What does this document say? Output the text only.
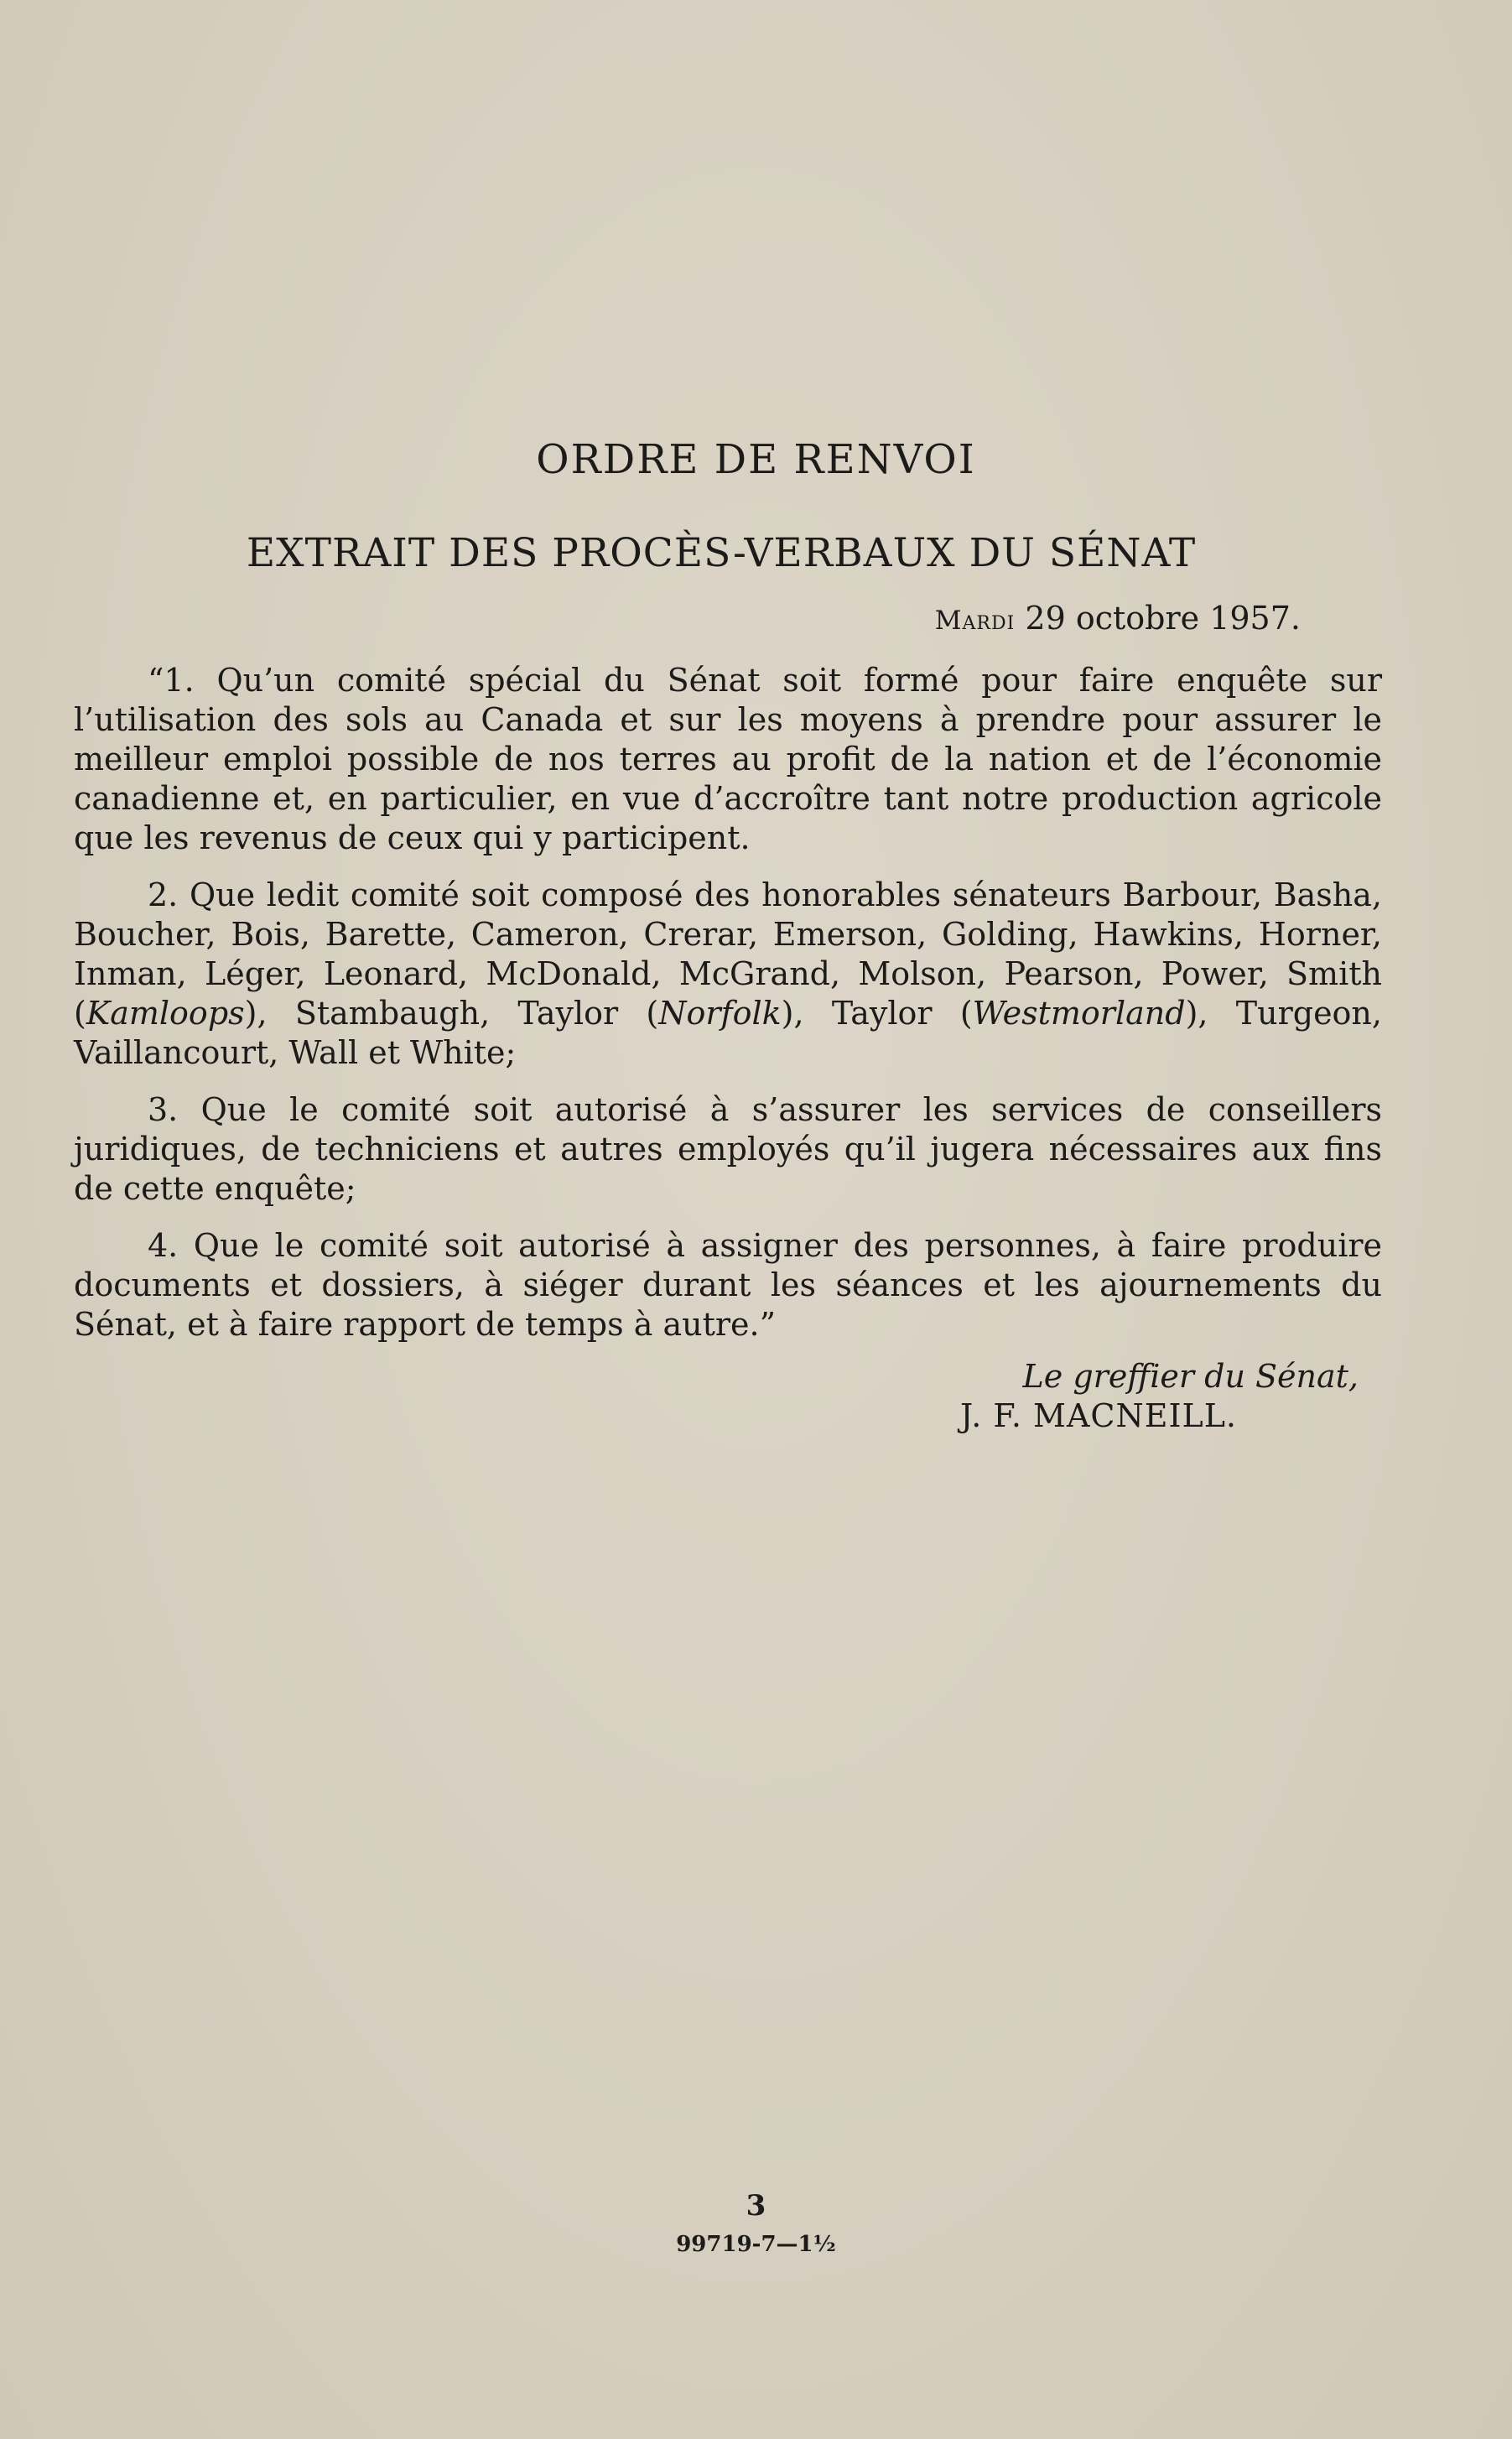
ORDRE DE RENVOI
EXTRAIT DES PROCÈS-VERBAUX DU SÉNAT
Mardi 29 octobre 1957.

“1. Qu’un comité spécial du Sénat soit formé pour faire enquête sur l’utilisation des sols au Canada et sur les moyens à prendre pour assurer le meilleur emploi possible de nos terres au profit de la nation et de l’économie canadienne et, en particulier, en vue d’accroître tant notre production agricole que les revenus de ceux qui y participent.

2. Que ledit comité soit composé des honorables sénateurs Barbour, Basha, Boucher, Bois, Barette, Cameron, Crerar, Emerson, Golding, Hawkins, Horner, Inman, Léger, Leonard, McDonald, McGrand, Molson, Pearson, Power, Smith (Kamloops), Stambaugh, Taylor (Norfolk), Taylor (Westmorland), Turgeon, Vaillancourt, Wall et White;

3. Que le comité soit autorisé à s’assurer les services de conseillers juridiques, de techniciens et autres employés qu’il jugera nécessaires aux fins de cette enquête;

4. Que le comité soit autorisé à assigner des personnes, à faire produire documents et dossiers, à siéger durant les séances et les ajournements du Sénat, et à faire rapport de temps à autre.”

Le greffier du Sénat,
J. F. MACNEILL.
3
99719-7—1½
